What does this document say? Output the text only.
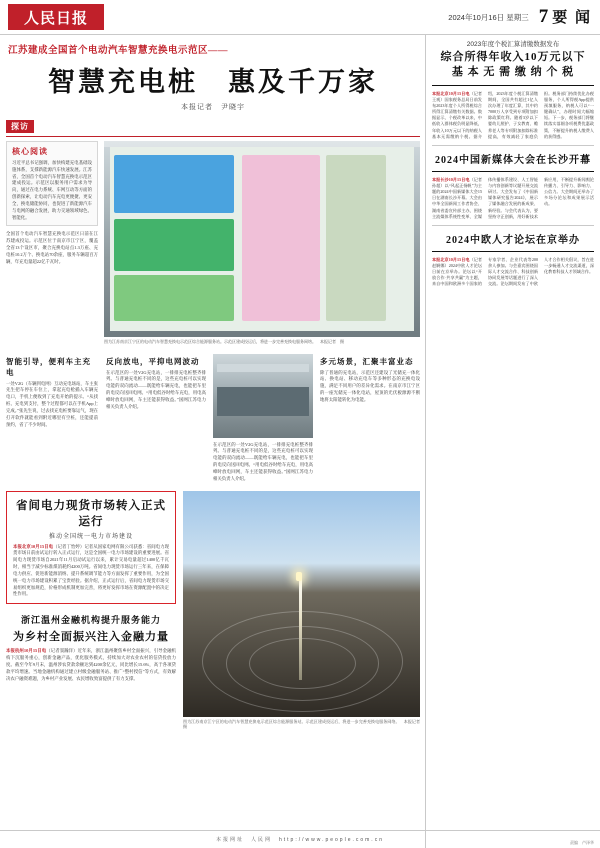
人民日报	2024年10月16日 星期三 7 要 闻
江苏建成全国首个电动汽车智慧充换电示范区——
智慧充电桩　惠及千万家
本报记者　尹晓宇
探访
核心阅读
习近平总书记强调，加快构建充电基础设施体系，支撑新能源汽车快速发展。江苏省，全国首个电动汽车智慧充换电示范区建成投运。示范区以服务用户需求为导向，通过在电力系统、车网互动等方面的创新探索，让电动汽车充电更便捷、更安全，换电储能协同，也促进了新能源汽车与电网的融合发展，助力交通领域绿色、智能化。
全国首个电动汽车智慧充换电示范区日前在江苏建成投运。示范区位于南京市江宁区，覆盖全省13个设区市，聚合充换电站点1.3万座、充电桩10.2万个、换电站70余座，服务车辆超百万辆，年充电量超22亿千瓦时。
图为江苏南京江宁区的电动汽车智慧充换电示范区综合能源服务站。示范区建成投运后，将进一步完善充换电服务网络。　本报记者　摄
智能引导，便利车主充电
一处V2G（车辆到电网）互动充电场站，车主张先生把车停在车位上，拿起充电枪插入车辆充电口，手机上便收到了充电开始的提示。“从找桩、充电到支付，整个过程都可以在手机App上完成。”张先生说，过去找充电桩要靠运气，现在打开软件就能看到附近哪里有空桩，还能提前预约，省了不少时间。
反向放电，平抑电网波动
在示范区的一处V2G充电站，一排排充电桩整齐排列。与普通充电桩不同的是，这些充电桩可以实现电能的双向流动——既能给车辆充电，也能把车里的电反向送回电网。“用电低谷时给车充电，用电高峰时放电回网，车主还能获得收益。”国网江苏电力相关负责人介绍。
在示范区的一处V2G充电站，一排排充电桩整齐排列。与普通充电桩不同的是，这些充电桩可以实现电能的双向流动——既能给车辆充电，也能把车里的电反向送回电网。“用电低谷时给车充电，用电高峰时放电回网，车主还能获得收益。”国网江苏电力相关负责人介绍。
多元场景，汇聚丰富业态
除了普通的充电站，示范区还建设了光储充一体化站、换电站、移动充电车等多种形态的充换电设施，满足不同用户的差异化需求。在南京市江宁区的一座光储充一体化电站，屋顶的光伏板源源不断地将太阳能转化为电能。
省间电力现货市场转入正式运行
推动全国统一电力市场建设
本报北京10月15日电（记者丁怡婷）记者从国家电网有限公司获悉：省间电力现货市场日前由试运行转入正式运行，这是全国统一电力市场建设的重要进展。省间电力现货市场自2021年11月启动试运行以来，累计交易电量超过1400亿千瓦时，相当于减少标准煤消耗约4200万吨。省间电力现货市场运行三年来，在保障电力供应、促进新能源消纳、提升系统调节能力等方面发挥了重要作用，为全国统一电力市场建设积累了宝贵经验。据介绍，正式运行后，省间电力现货市场交易组织更加规范，价格形成机制更加完善，将更好发挥市场在资源配置中的决定性作用。
浙江温州金融机构提升服务能力
为乡村全面振兴注入金融力量
本报杭州10月15日电（记者窦瀚洋）近年来，浙江温州聚焦乡村全面振兴，引导金融机构下沉服务重心，创新金融产品，优化服务模式，持续加大对农业农村的信贷投放力度。截至今年9月末，温州涉农贷款余额达到4200余亿元，同比增长15.6%，高于各项贷款平均增速。当地金融机构通过建立村级金融服务站、推广“整村授信”等方式，有效解决农户融资难题，为乡村产业发展、农民增收致富提供了有力支撑。
图为江苏南京江宁区的电动汽车智慧充换电示范区综合能源服务站。示范区建成投运后，将进一步完善充换电服务网络。　本报记者　摄
2023年度个税汇算清缴数据发布
综合所得年收入10万元以下
基 本 无 需 缴 纳 个 税
本报北京10月15日电（记者王观）国家税务总局日前发布2023年度个人所得税综合所得汇算清缴有关数据。数据显示，个税改革以来，中低收入群体税负明显降低，年收入10万元以下的纳税人基本无需缴纳个税。据介绍，2023年度个税汇算清缴期间，全国共有超过1亿人次办理了年度汇算，其中约7000万人享受到专项附加扣除政策红利。随着3岁以下婴幼儿照护、子女教育、赡养老人等专项附加扣除标准提高，有效减轻了家庭负担。税务部门持续优化办税服务，个人所得税App提供预填服务，纳税人可以“一键确认”，办理时间大幅缩短。下一步，税务部门将继续落实落细各项税费优惠政策，不断提升纳税人缴费人的获得感。
2024中国新媒体大会在长沙开幕
本报长沙10月15日电（记者孙超）以“风起正扬帆”为主题的2024中国新媒体大会15日在湖南长沙开幕。大会由中华全国新闻工作者协会、湖南省委宣传部主办，围绕主流媒体系统性变革、全媒体传播体系建设、人工智能与内容创新等议题开展交流研讨。大会发布了《中国新媒体研究报告2024》，展示了媒体融合发展的新成果、新经验。与会代表认为，要坚持守正创新，用好新技术新应用，不断提升新闻舆论传播力、引导力、影响力、公信力。大会期间还举办了多场分论坛和成果展示活动。
2024中欧人才论坛在京举办
本报北京10月15日电（记者赵婀娜）2024中欧人才论坛日前在京举办。论坛以“开放合作·共享共赢”为主题，来自中国和欧洲多个国家的专家学者、企业代表等200余人参加。与会嘉宾围绕国际人才交流合作、科技创新协同发展等话题进行了深入交流。论坛期间发布了中欧人才合作相关倡议，旨在进一步畅通人才交流渠道，深化教育科技人才领域合作。
责编　卢泽华
本报网址　人民网　http://www.people.com.cn
